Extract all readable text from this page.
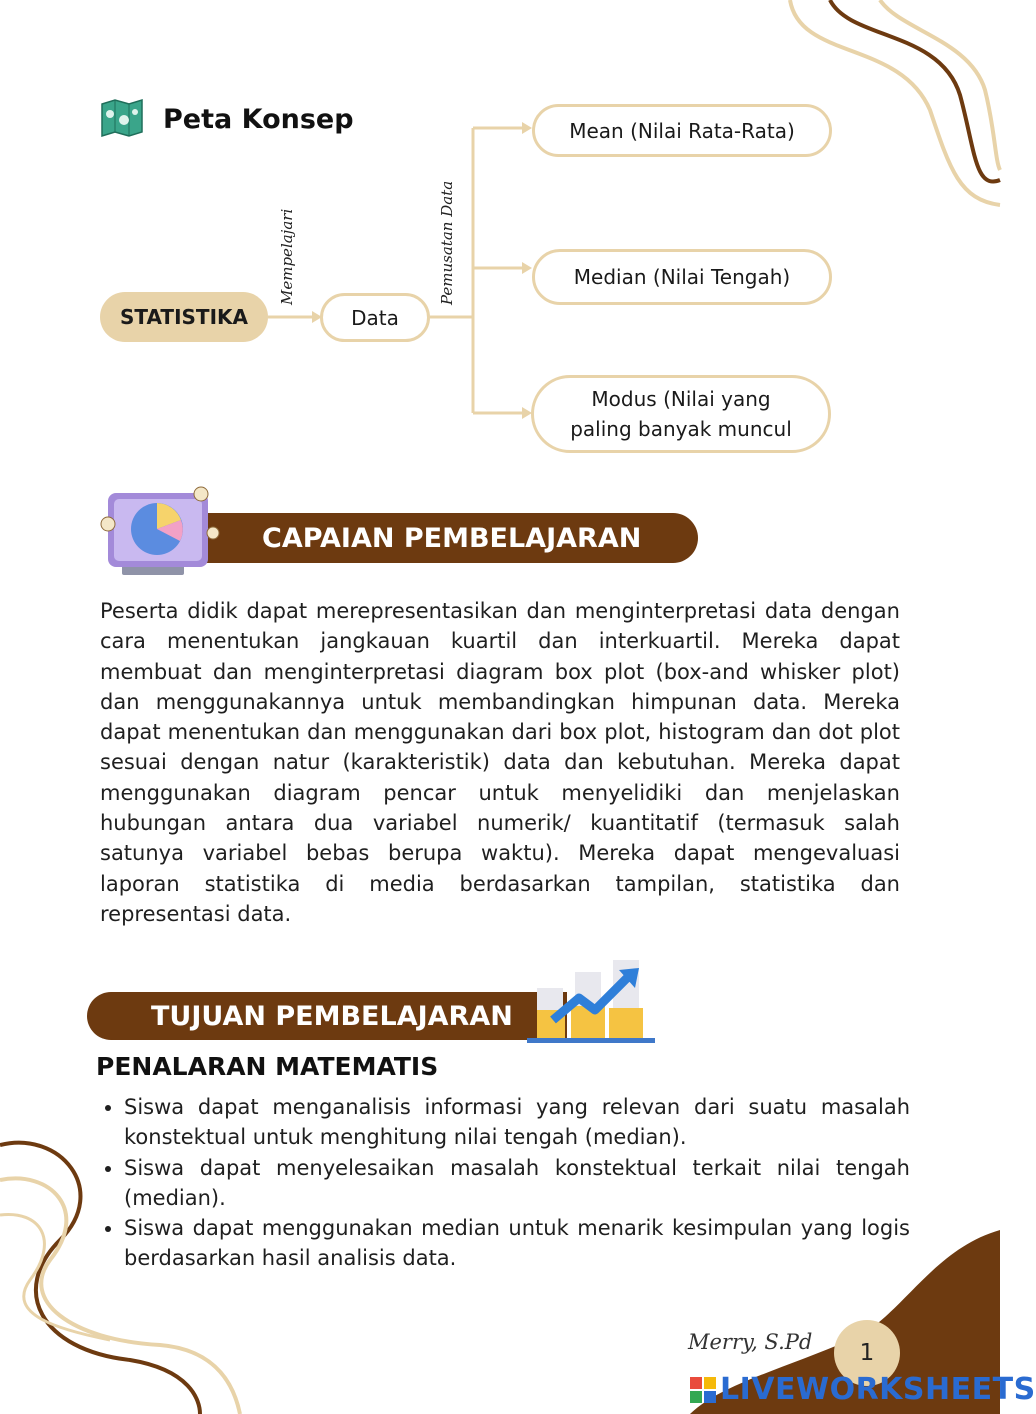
Peta Konsep
STATISTIKA
Mempelajari
Data
Pemusatan Data
Mean (Nilai Rata-Rata)
Median (Nilai Tengah)
Modus (Nilai yang paling banyak muncul
CAPAIAN PEMBELAJARAN
Peserta didik dapat merepresentasikan dan menginterpretasi data dengan cara menentukan jangkauan kuartil dan interkuartil. Mereka dapat membuat dan menginterpretasi diagram box plot (box-and whisker plot) dan menggunakannya untuk membandingkan himpunan data. Mereka dapat menentukan dan menggunakan dari box plot, histogram dan dot plot sesuai dengan natur (karakteristik) data dan kebutuhan. Mereka dapat menggunakan diagram pencar untuk menyelidiki dan menjelaskan hubungan antara dua variabel numerik/ kuantitatif (termasuk salah satunya variabel bebas berupa waktu). Mereka dapat mengevaluasi laporan statistika di media berdasarkan tampilan, statistika dan representasi data.
TUJUAN PEMBELAJARAN
PENALARAN MATEMATIS
• Siswa dapat menganalisis informasi yang relevan dari suatu masalah konstektual untuk menghitung nilai tengah (median).
• Siswa dapat menyelesaikan masalah konstektual terkait nilai tengah (median).
• Siswa dapat menggunakan median untuk menarik kesimpulan yang logis berdasarkan hasil analisis data.
Merry, S.Pd 1
LIVEWORKSHEETS
